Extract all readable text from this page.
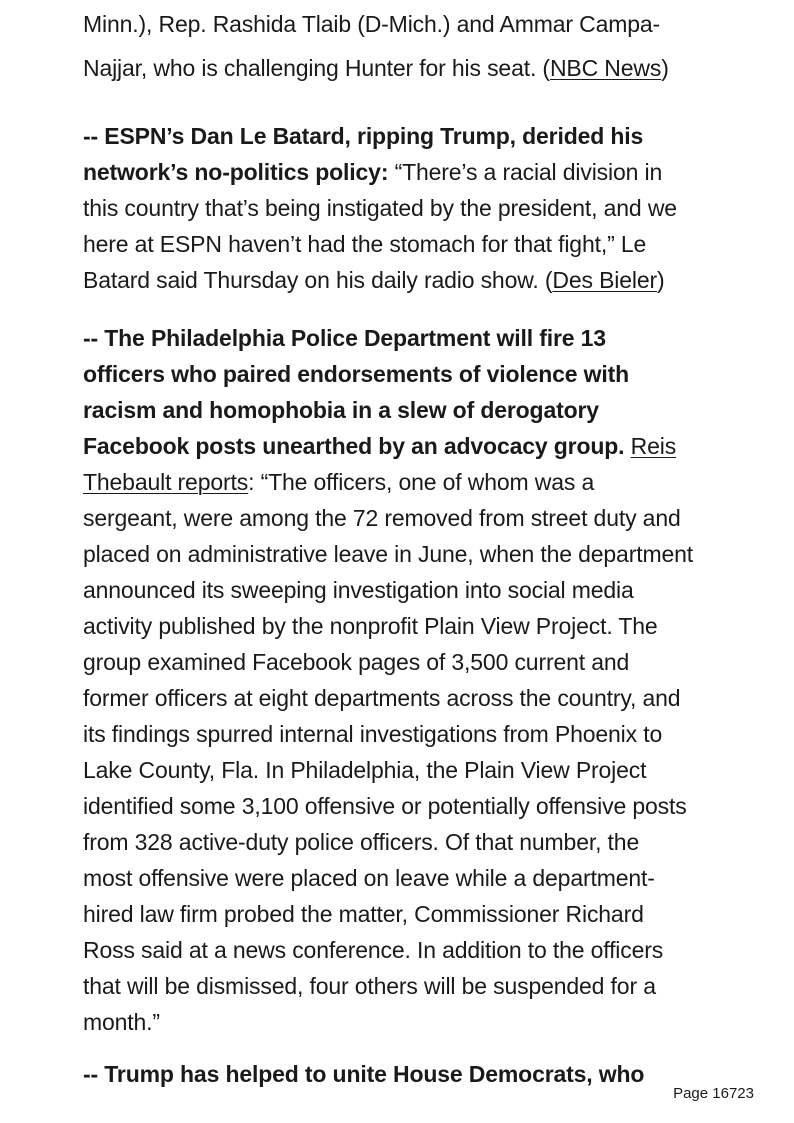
Minn.), Rep. Rashida Tlaib (D-Mich.) and Ammar Campa-
Najjar, who is challenging Hunter for his seat. (NBC News)
-- ESPN’s Dan Le Batard, ripping Trump, derided his
network’s no-politics policy: “There’s a racial division in
this country that’s being instigated by the president, and we
here at ESPN haven’t had the stomach for that fight,” Le
Batard said Thursday on his daily radio show. (Des Bieler)
-- The Philadelphia Police Department will fire 13
officers who paired endorsements of violence with
racism and homophobia in a slew of derogatory
Facebook posts unearthed by an advocacy group. Reis
Thebault reports: “The officers, one of whom was a
sergeant, were among the 72 removed from street duty and
placed on administrative leave in June, when the department
announced its sweeping investigation into social media
activity published by the nonprofit Plain View Project. The
group examined Facebook pages of 3,500 current and
former officers at eight departments across the country, and
its findings spurred internal investigations from Phoenix to
Lake County, Fla. In Philadelphia, the Plain View Project
identified some 3,100 offensive or potentially offensive posts
from 328 active-duty police officers. Of that number, the
most offensive were placed on leave while a department-
hired law firm probed the matter, Commissioner Richard
Ross said at a news conference. In addition to the officers
that will be dismissed, four others will be suspended for a
month.”
-- Trump has helped to unite House Democrats, who
Page 16723
